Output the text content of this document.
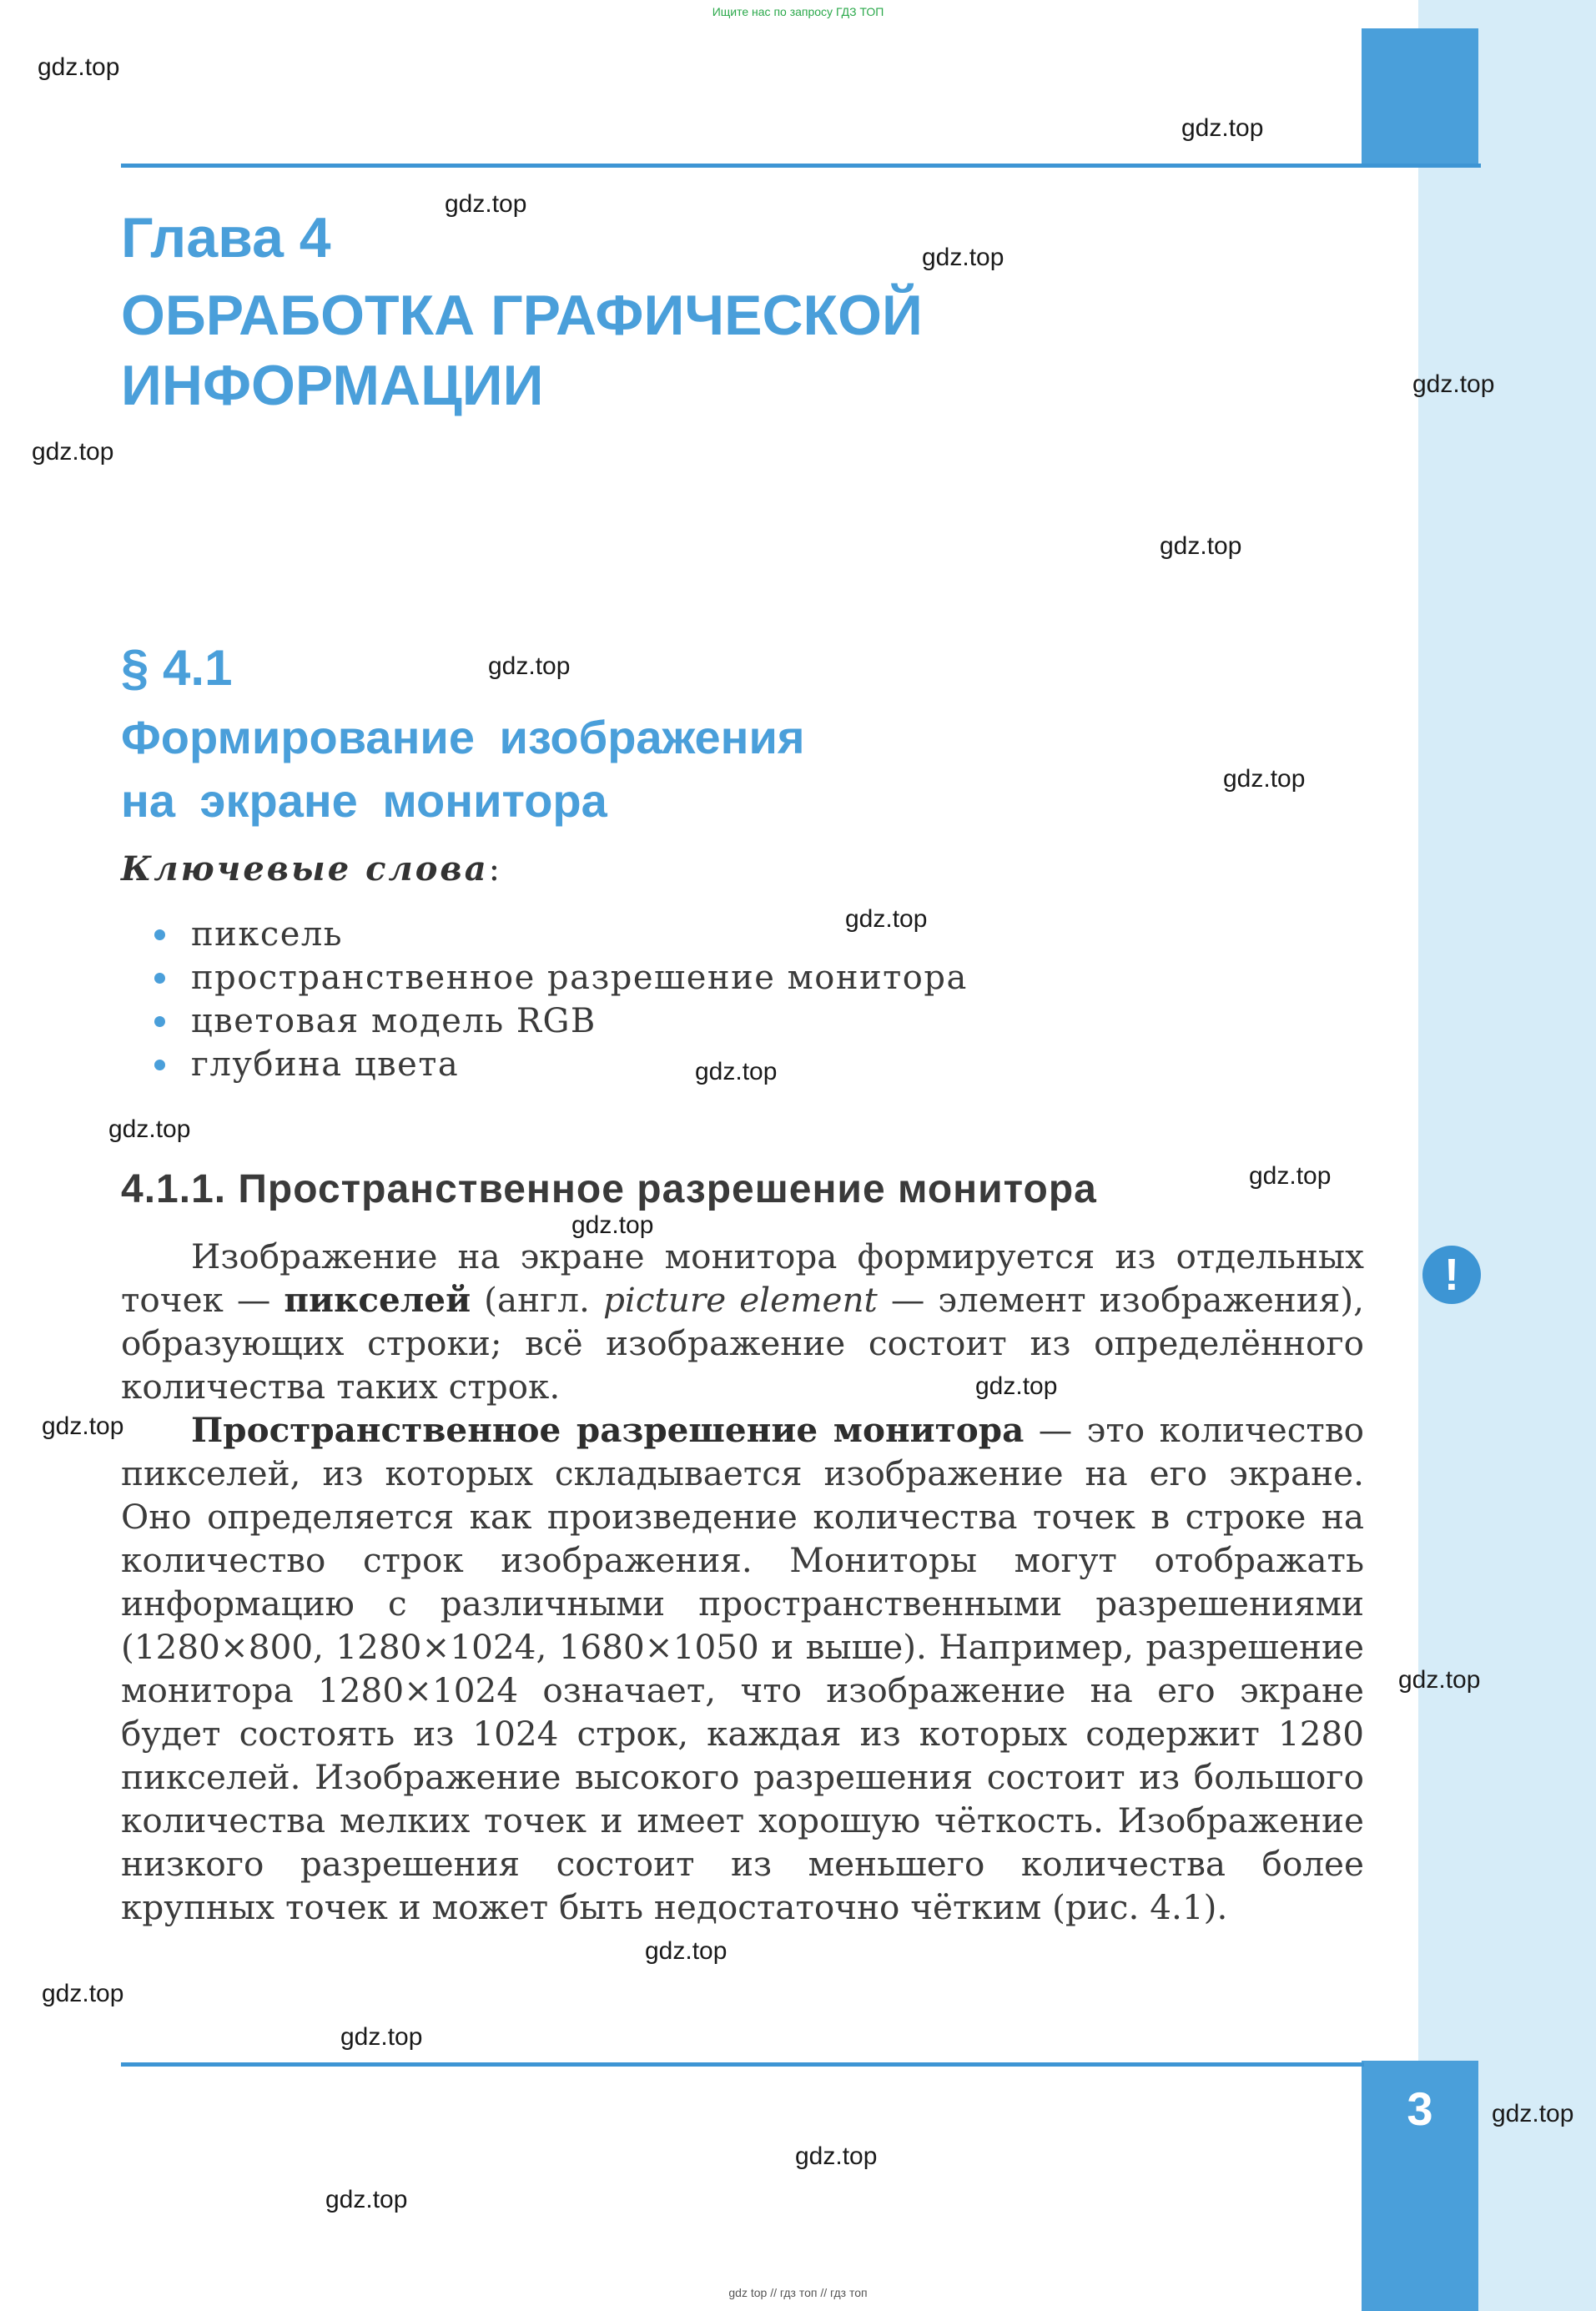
3
Ищите нас по запросу ГДЗ ТОП
gdz top // гдз топ // гдз топ
Глава 4
ОБРАБОТКА ГРАФИЧЕСКОЙ
ИНФОРМАЦИИ
§ 4.1
Формирование изображения
на экране монитора
Ключевые слова:
пиксель
пространственное разрешение монитора
цветовая модель RGB
глубина цвета
4.1.1. Пространственное разрешение монитора
!

Изображение на экране монитора формируется из отдельных точек — пикселей (англ. picture element — элемент изображения), образующих строки; всё изображение состоит из определённого количества таких строк.

Пространственное разрешение монитора — это количество пикселей, из которых складывается изображение на его экране. Оно определяется как произведение количества точек в строке на количество строк изображения. Мониторы могут отображать информацию с различными пространственными разрешениями (1280×800, 1280×1024, 1680×1050 и выше). Например, разрешение монитора 1280×1024 означает, что изображение на его экране будет состоять из 1024 строк, каждая из которых содержит 1280 пикселей. Изображение высокого разрешения состоит из большого количества мелких точек и имеет хорошую чёткость. Изображение низкого разрешения состоит из меньшего количества более крупных точек и может быть недостаточно чётким (рис. 4.1).

gdz.top
gdz.top
gdz.top
gdz.top
gdz.top
gdz.top
gdz.top
gdz.top
gdz.top
gdz.top
gdz.top
gdz.top
gdz.top
gdz.top
gdz.top
gdz.top
gdz.top
gdz.top
gdz.top
gdz.top
gdz.top
gdz.top
gdz.top
